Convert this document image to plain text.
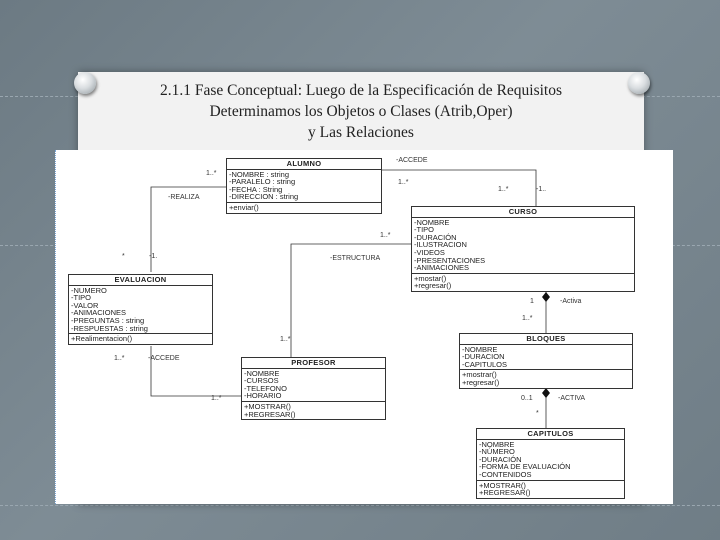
2.1.1 Fase Conceptual: Luego de la Especificación de Requisitos
Determinamos los Objetos o Clases (Atrib,Oper)
y Las Relaciones
ALUMNO
-NOMBRE : string
-PARALELO : string
-FECHA : String
-DIRECCION : string
+enviar()	CURSO
-NOMBRE
-TIPO
-DURACIÓN
-ILUSTRACION
-VIDEOS
-PRESENTACIONES
-ANIMACIONES
+mostar()
+regresar()
EVALUACION
-NUMERO
-TIPO
-VALOR
-ANIMACIONES
-PREGUNTAS : string
-RESPUESTAS : string
+Realimentacion()
PROFESOR
-NOMBRE
-CURSOS
-TELEFONO
-HORARIO
+MOSTRAR()
+REGRESAR()
BLOQUES
-NOMBRE
-DURACION
-CAPITULOS
+mostrar()
+regresar()
CAPITULOS
-NOMBRE
-NÚMERO
-DURACIÓN
-FORMA DE EVALUACIÓN
-CONTENIDOS
+MOSTRAR()
+REGRESAR()
-ACCEDE
1..*
1..*	-1..
1..*
-REALIZA
*	-1.
1..*
-ESTRUCTURA
1..*
1..*	-ACCEDE
1..*
1	-Activa
1..*
0..1	-ACTIVA
*
